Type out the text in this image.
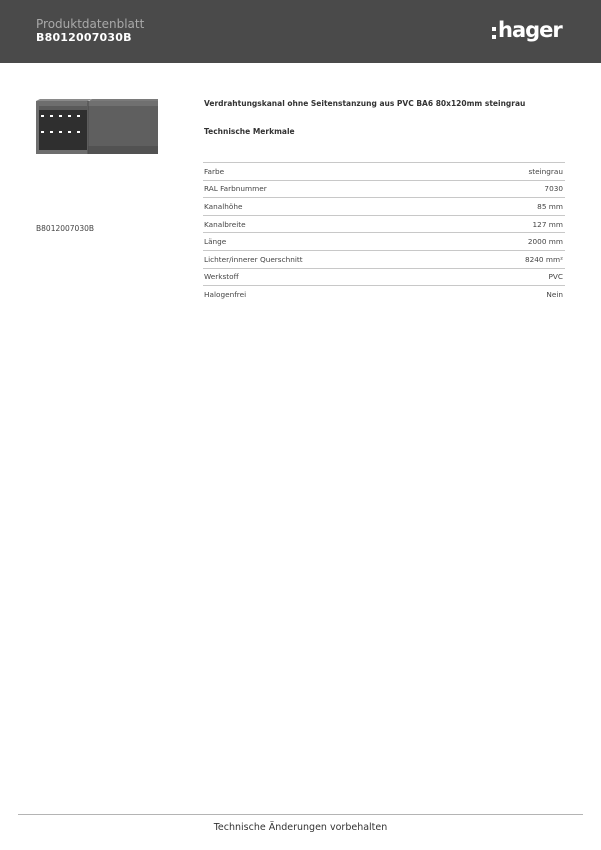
Produktdatenblatt
B8012007030B	hager
B8012007030B
Verdrahtungskanal ohne Seitenstanzung aus PVC BA6 80x120mm steingrau
Technische Merkmale
Farbe	steingrau
RAL Farbnummer	7030
Kanalhöhe	85 mm
Kanalbreite	127 mm
Länge	2000 mm
Lichter/innerer Querschnitt	8240 mm²
Werkstoff	PVC
Halogenfrei	Nein
Technische Änderungen vorbehalten
